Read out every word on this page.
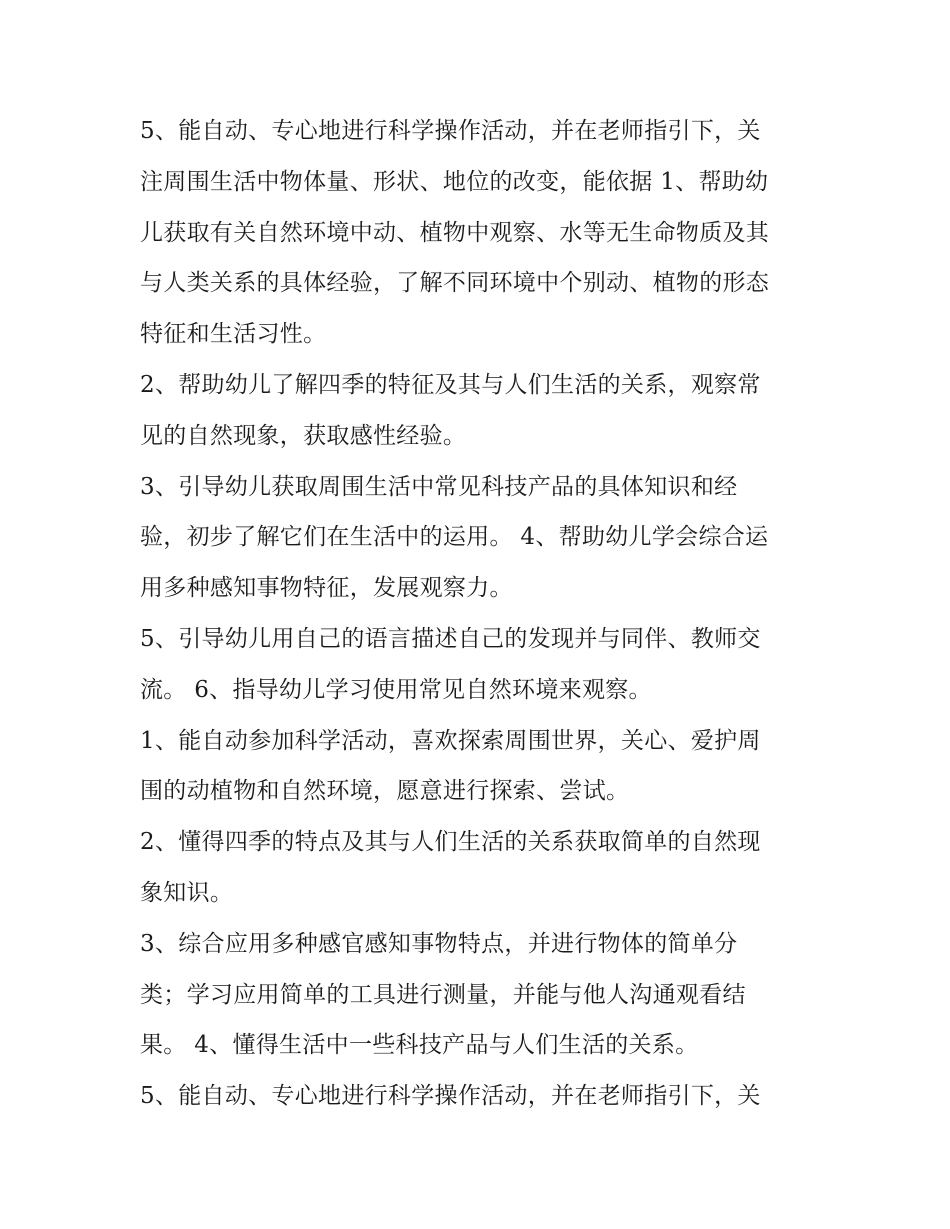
5、能自动、专心地进行科学操作活动，并在老师指引下，关
注周围生活中物体量、形状、地位的改变，能依据 1、帮助幼
儿获取有关自然环境中动、植物中观察、水等无生命物质及其
与人类关系的具体经验，了解不同环境中个别动、植物的形态
特征和生活习性。
2、帮助幼儿了解四季的特征及其与人们生活的关系，观察常
见的自然现象，获取感性经验。
3、引导幼儿获取周围生活中常见科技产品的具体知识和经
验，初步了解它们在生活中的运用。 4、帮助幼儿学会综合运
用多种感知事物特征，发展观察力。
5、引导幼儿用自己的语言描述自己的发现并与同伴、教师交
流。 6、指导幼儿学习使用常见自然环境来观察。
1、能自动参加科学活动，喜欢探索周围世界，关心、爱护周
围的动植物和自然环境，愿意进行探索、尝试。
2、懂得四季的特点及其与人们生活的关系获取简单的自然现
象知识。
3、综合应用多种感官感知事物特点，并进行物体的简单分
类；学习应用简单的工具进行测量，并能与他人沟通观看结
果。 4、懂得生活中一些科技产品与人们生活的关系。
5、能自动、专心地进行科学操作活动，并在老师指引下，关
